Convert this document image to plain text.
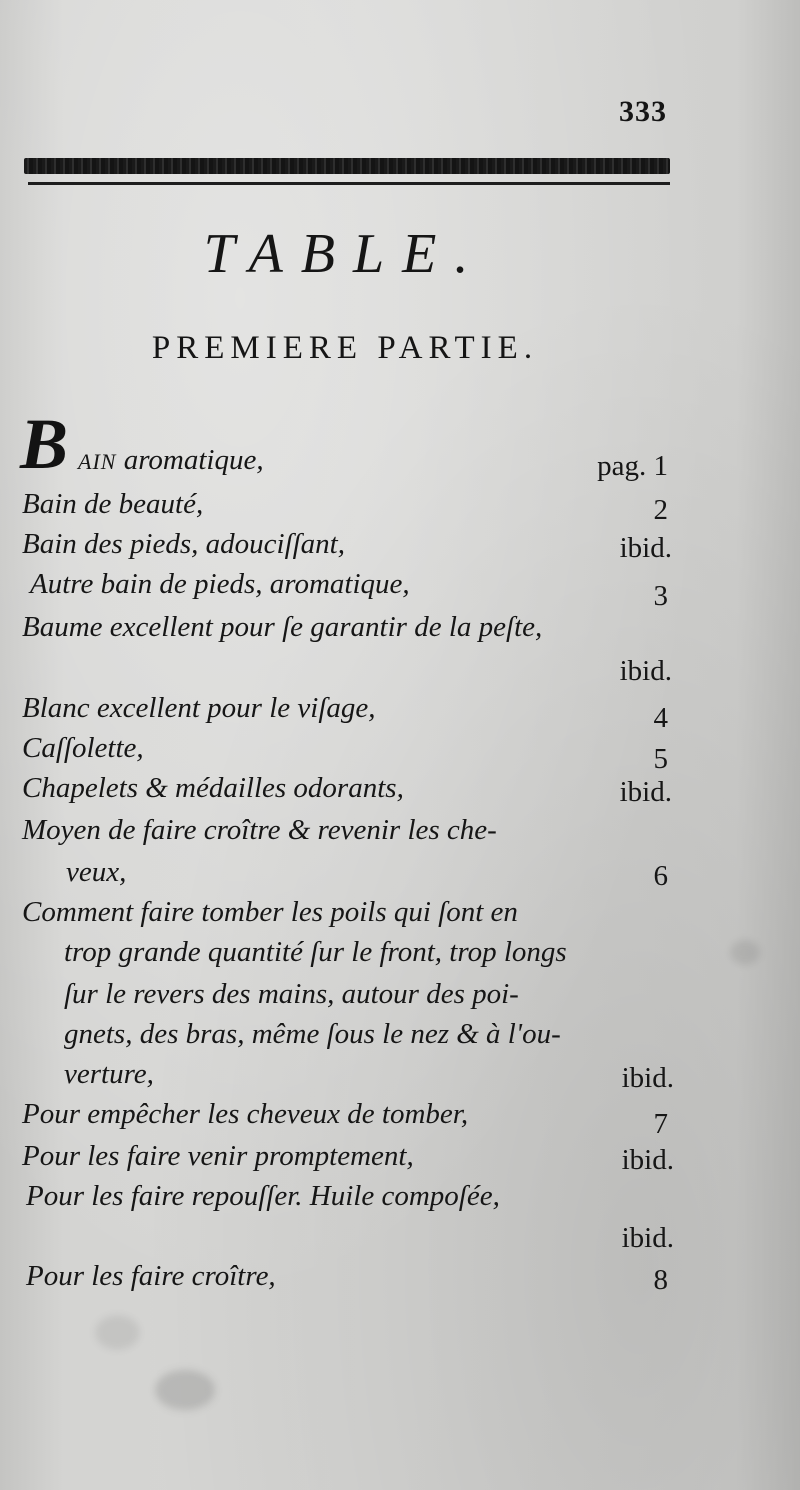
333
TABLE.
PREMIERE PARTIE.
B AIN aromatique,	pag. 1
Bain de beauté,	2
Bain des pieds, adouciſſant,	ibid.
Autre bain de pieds, aromatique,	3
Baume excellent pour ſe garantir de la peſte,
ibid.
Blanc excellent pour le viſage,	4
Caſſolette,	5
Chapelets & médailles odorants,	ibid.
Moyen de faire croître & revenir les che-
veux,	6
Comment faire tomber les poils qui ſont en
trop grande quantité ſur le front, trop longs
ſur le revers des mains, autour des poi-
gnets, des bras, même ſous le nez & à l'ou-
verture,	ibid.
Pour empêcher les cheveux de tomber,	7
Pour les faire venir promptement,	ibid.
Pour les faire repouſſer. Huile compoſée,
ibid.
Pour les faire croître,	8
